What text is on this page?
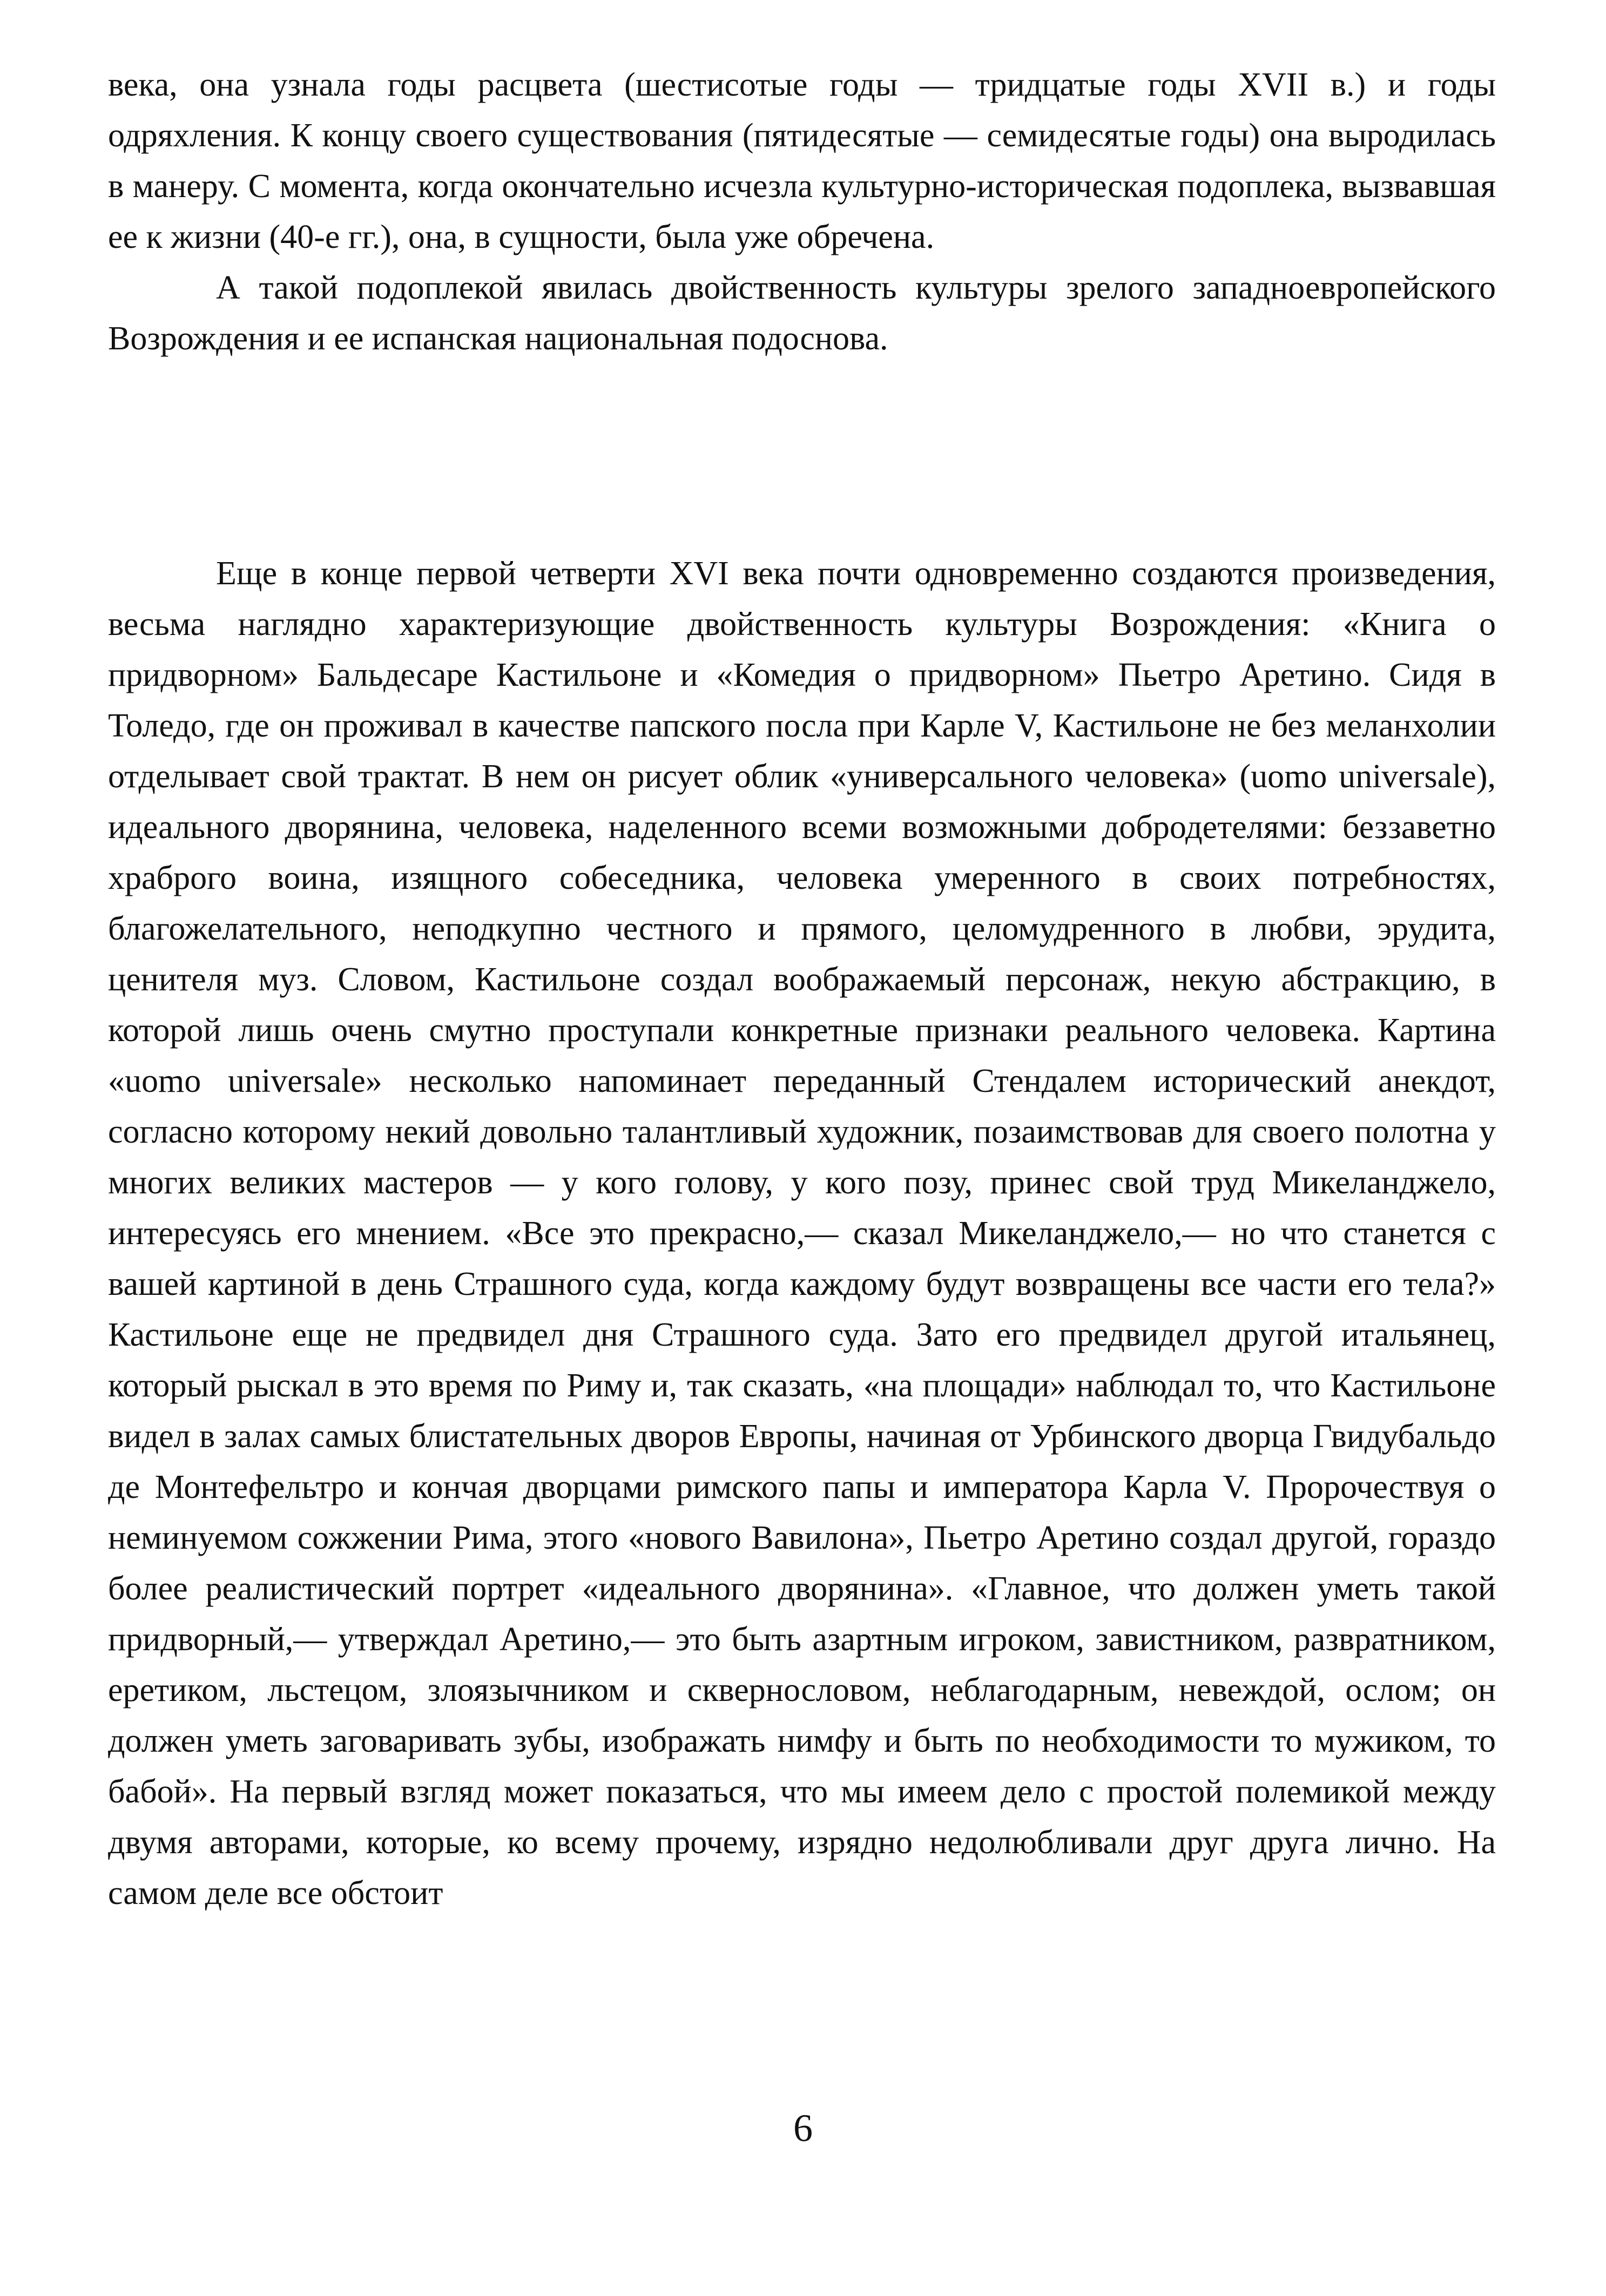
века, она узнала годы расцвета (шестисотые годы — тридцатые годы XVII в.) и годы одряхления. К концу своего существования (пятидесятые — семидесятые годы) она выродилась в манеру. С момента, когда окончательно исчезла культурно-историческая подоплека, вызвавшая ее к жизни (40-е гг.), она, в сущности, была уже обречена.

А такой подоплекой явилась двойственность культуры зрелого западноевропейского Возрождения и ее испанская национальная подоснова.

Еще в конце первой четверти XVI века почти одновременно создаются произведения, весьма наглядно характеризующие двойственность культуры Возрождения: «Книга о придворном» Бальдесаре Кастильоне и «Комедия о придворном» Пьетро Аретино. Сидя в Толедо, где он проживал в качестве папского посла при Карле V, Кастильоне не без меланхолии отделывает свой трактат. В нем он рисует облик «универсального человека» (uomo universale), идеального дворянина, человека, наделенного всеми возможными добродетелями: беззаветно храброго воина, изящного собеседника, человека умеренного в своих потребностях, благожелательного, неподкупно честного и прямого, целомудренного в любви, эрудита, ценителя муз. Словом, Кастильоне создал воображаемый персонаж, некую абстракцию, в которой лишь очень смутно проступали конкретные признаки реального человека. Картина «uomo universale» несколько напоминает переданный Стендалем исторический анекдот, согласно которому некий довольно талантливый художник, позаимствовав для своего полотна у многих великих мастеров — у кого голову, у кого позу, принес свой труд Микеланджело, интересуясь его мнением. «Все это прекрасно,— сказал Микеланджело,— но что станется с вашей картиной в день Страшного суда, когда каждому будут возвращены все части его тела?» Кастильоне еще не предвидел дня Страшного суда. Зато его предвидел другой итальянец, который рыскал в это время по Риму и, так сказать, «на площади» наблюдал то, что Кастильоне видел в залах самых блистательных дворов Европы, начиная от Урбинского дворца Гвидубальдо де Монтефельтро и кончая дворцами римского папы и императора Карла V. Пророчествуя о неминуемом сожжении Рима, этого «нового Вавилона», Пьетро Аретино создал другой, гораздо более реалистический портрет «идеального дворянина». «Главное, что должен уметь такой придворный,— утверждал Аретино,— это быть азартным игроком, завистником, развратником, еретиком, льстецом, злоязычником и сквернословом, неблагодарным, невеждой, ослом; он должен уметь заговаривать зубы, изображать нимфу и быть по необходимости то мужиком, то бабой». На первый взгляд может показаться, что мы имеем дело с простой полемикой между двумя авторами, которые, ко всему прочему, изрядно недолюбливали друг друга лично. На самом деле все обстоит

6
